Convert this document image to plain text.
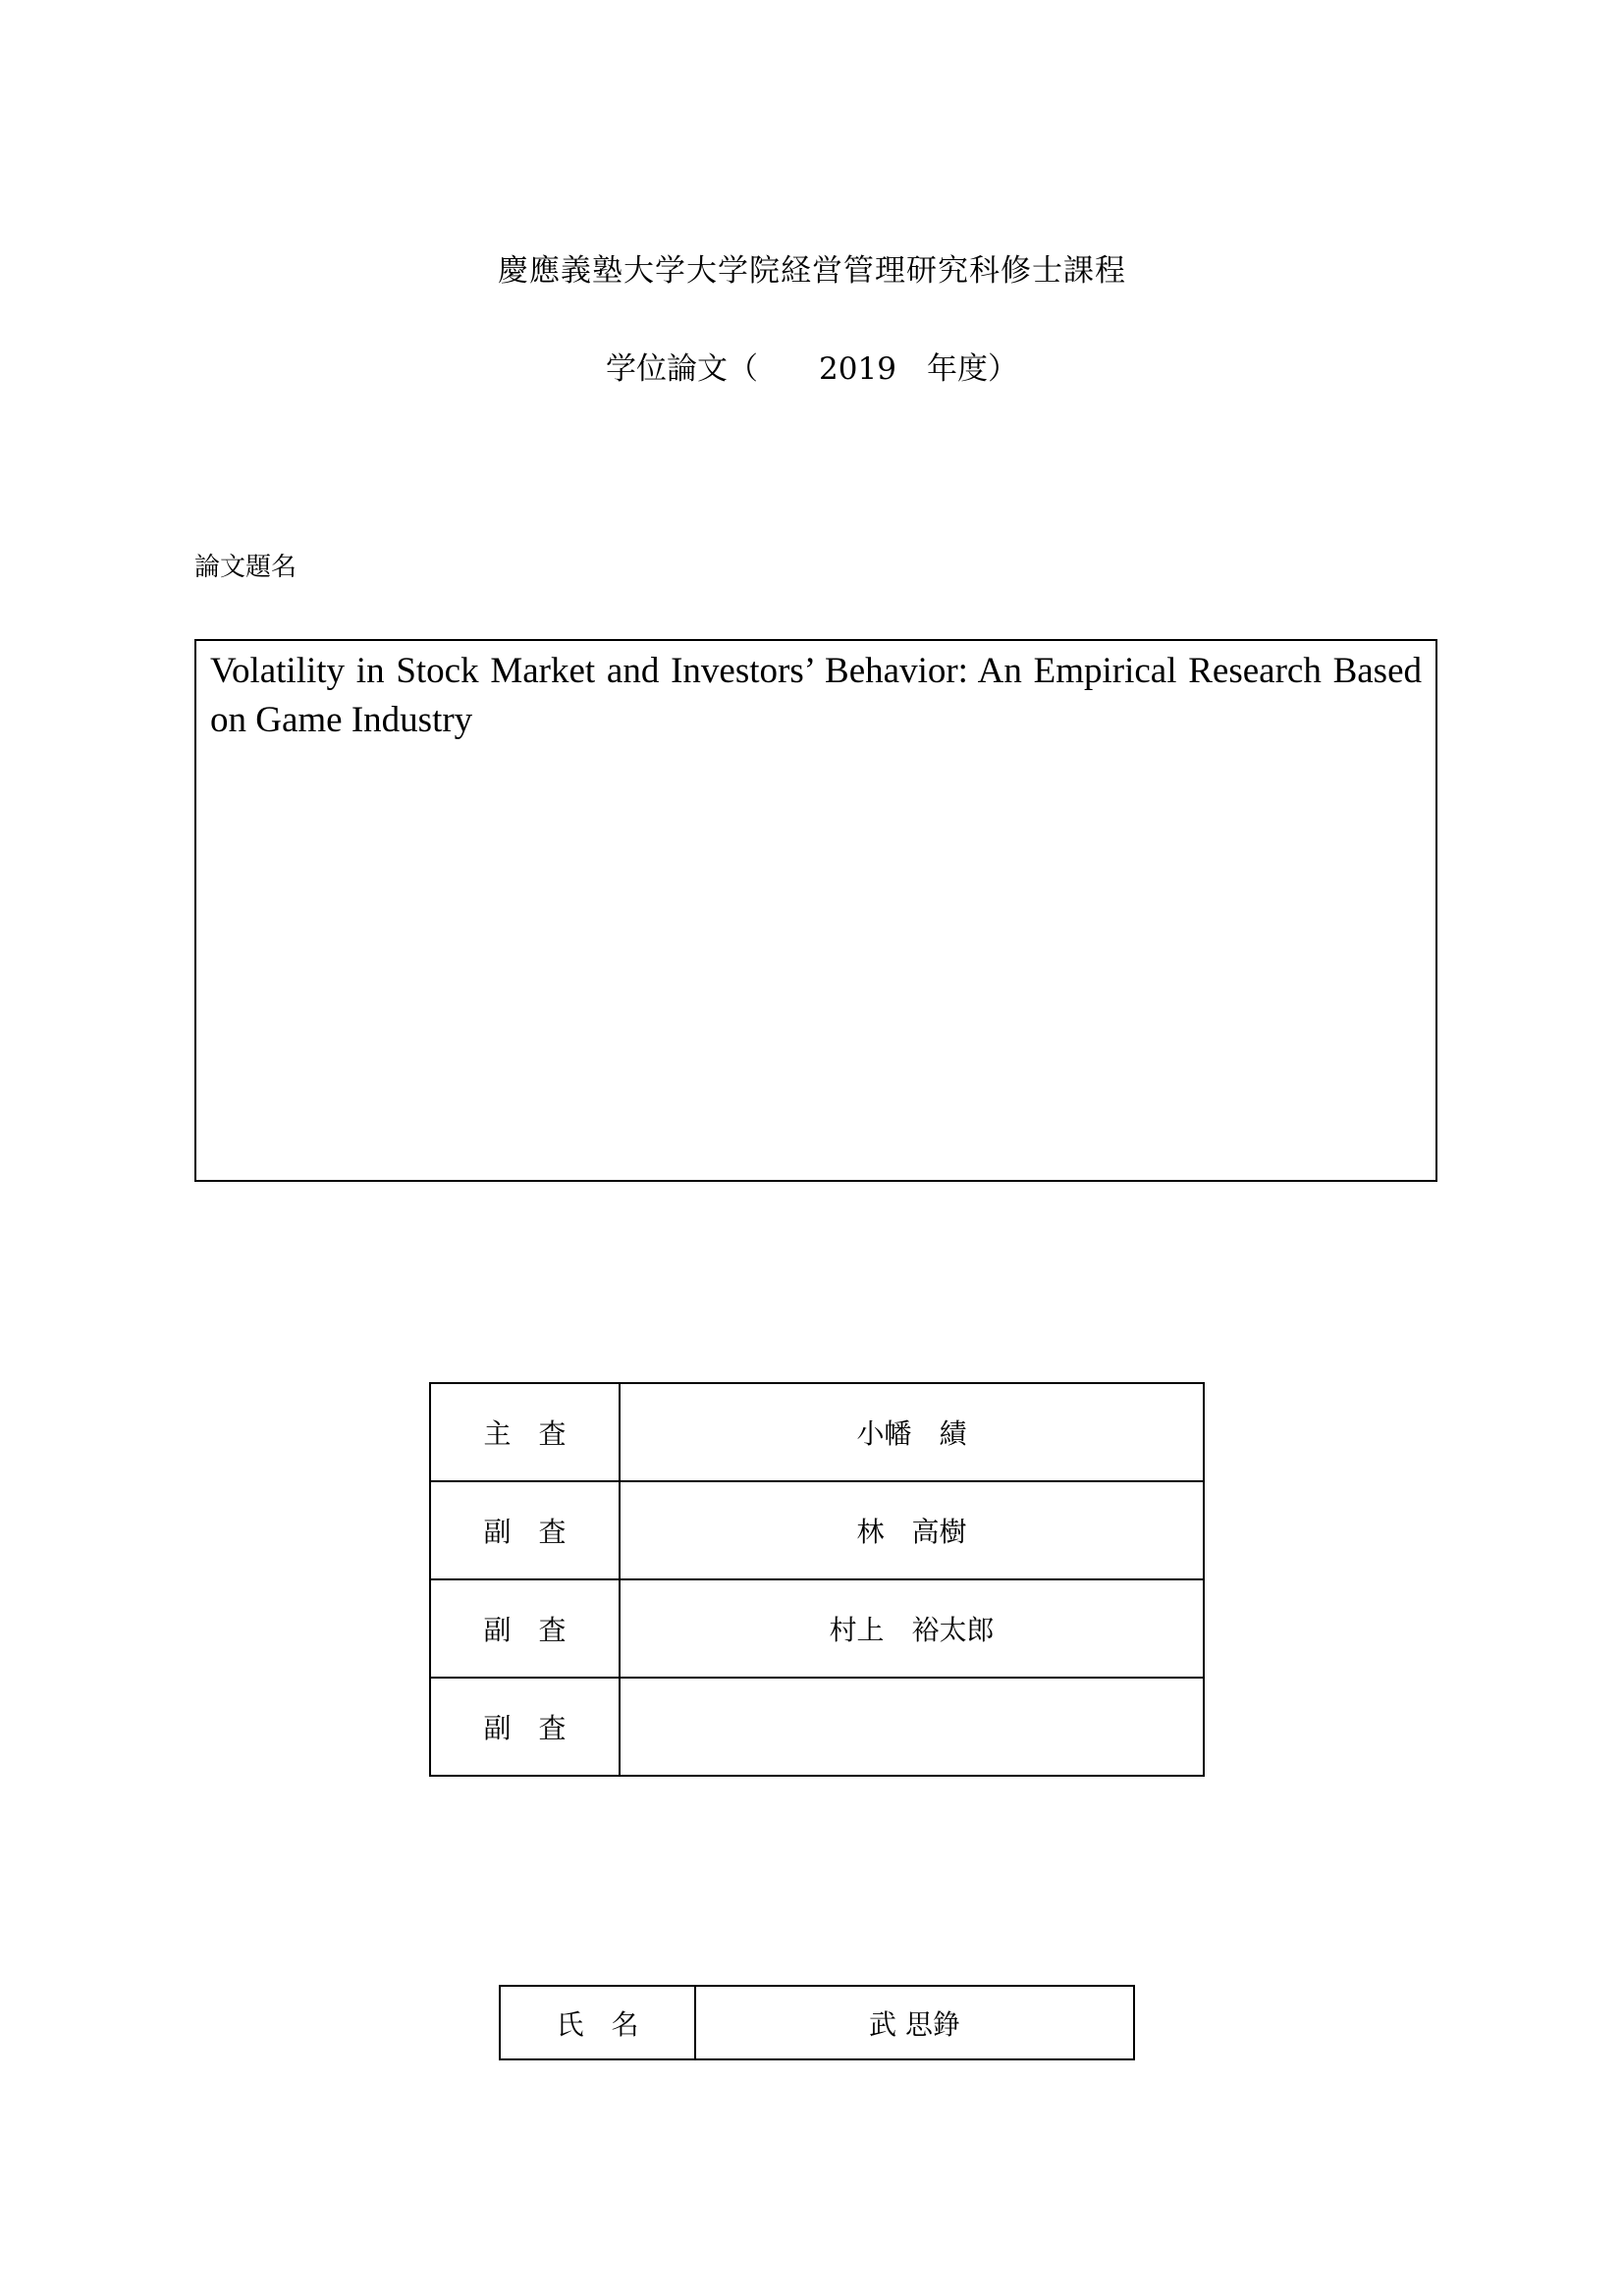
慶應義塾大学大学院経営管理研究科修士課程
学位論文（　　2019　年度）
論文題名

Volatility in Stock Market and Investors’ Behavior: An Empirical Research Based on Game Industry

主　査	小幡　績
副　査	林　高樹
副　査	村上　裕太郎
副　査	
氏　名	武 思錚
